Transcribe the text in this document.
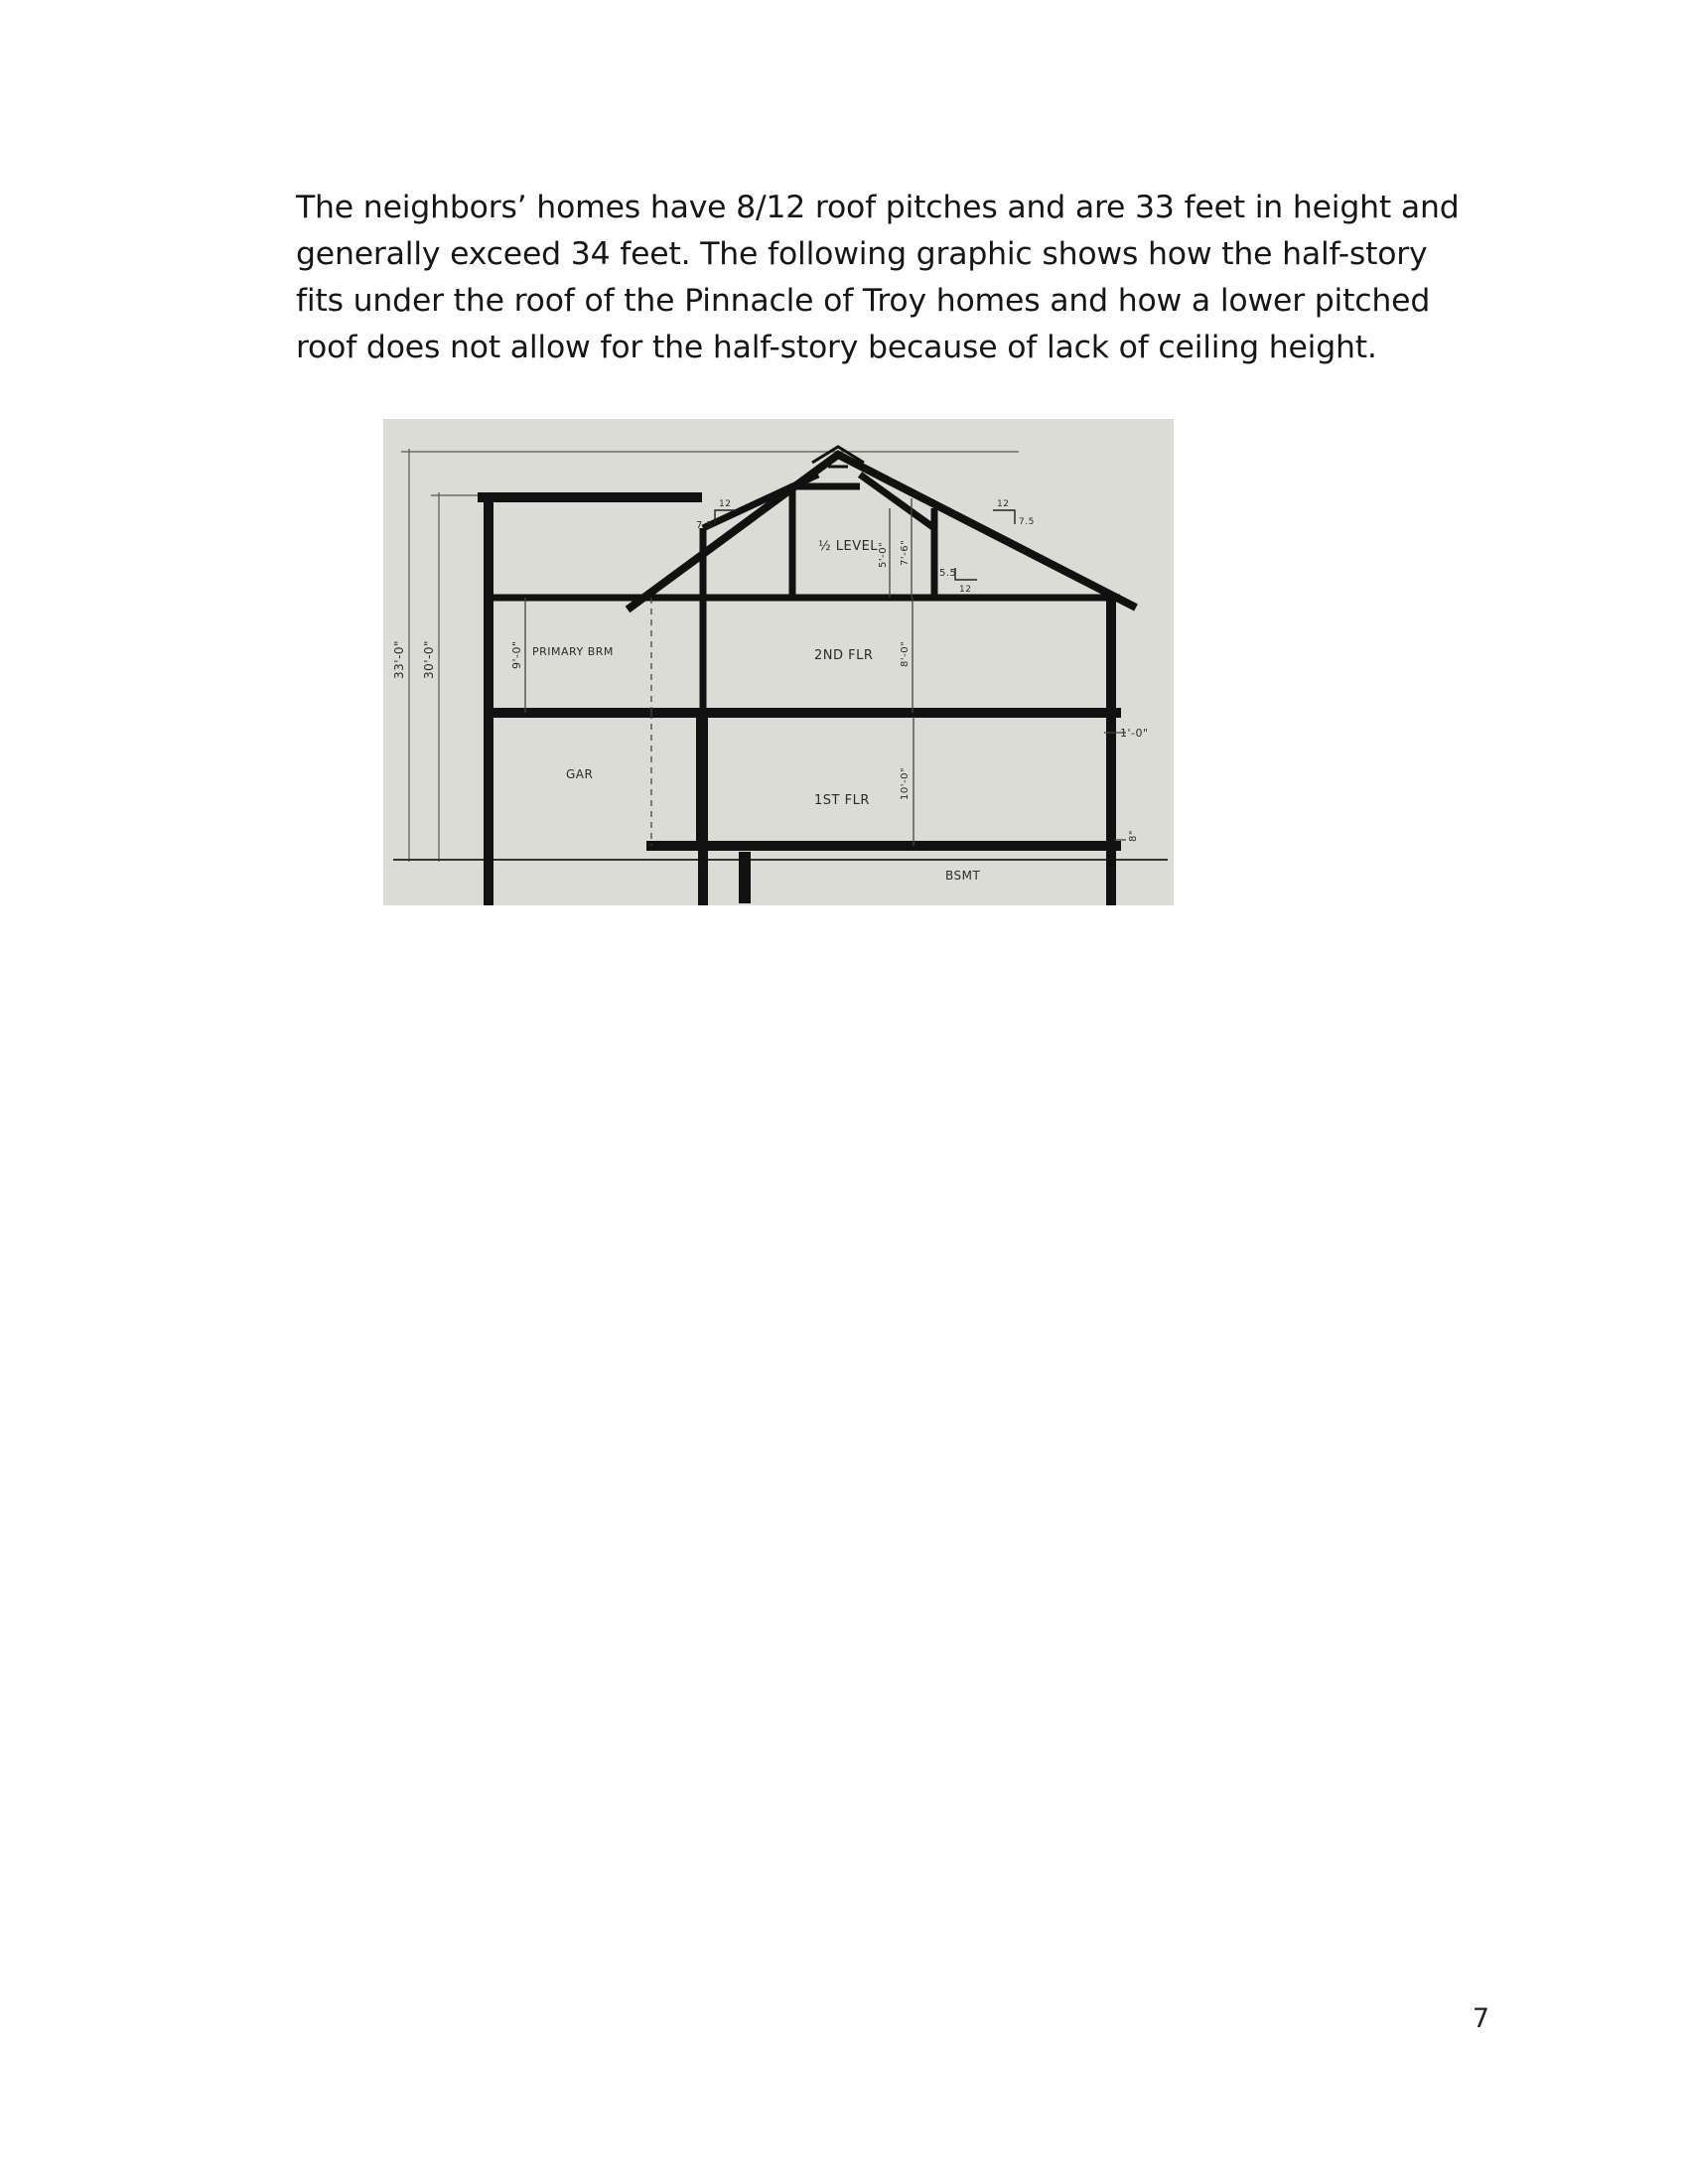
The neighbors’ homes have 8/12 roof pitches and are 33 feet in height and
generally exceed 34 feet. The following graphic shows how the half-story
fits under the roof of the Pinnacle of Troy homes and how a lower pitched
roof does not allow for the half-story because of lack of ceiling height.
33'-0" 30'-0"	9'-0" PRIMARY BRM
GAR
½ LEVEL 7'-6"
5'-0"
2ND FLR	8'-0"
1ST FLR
10'-0"
BSMT
1'-0"
8"
7.5
12
7.5
12
5.5
12
7
